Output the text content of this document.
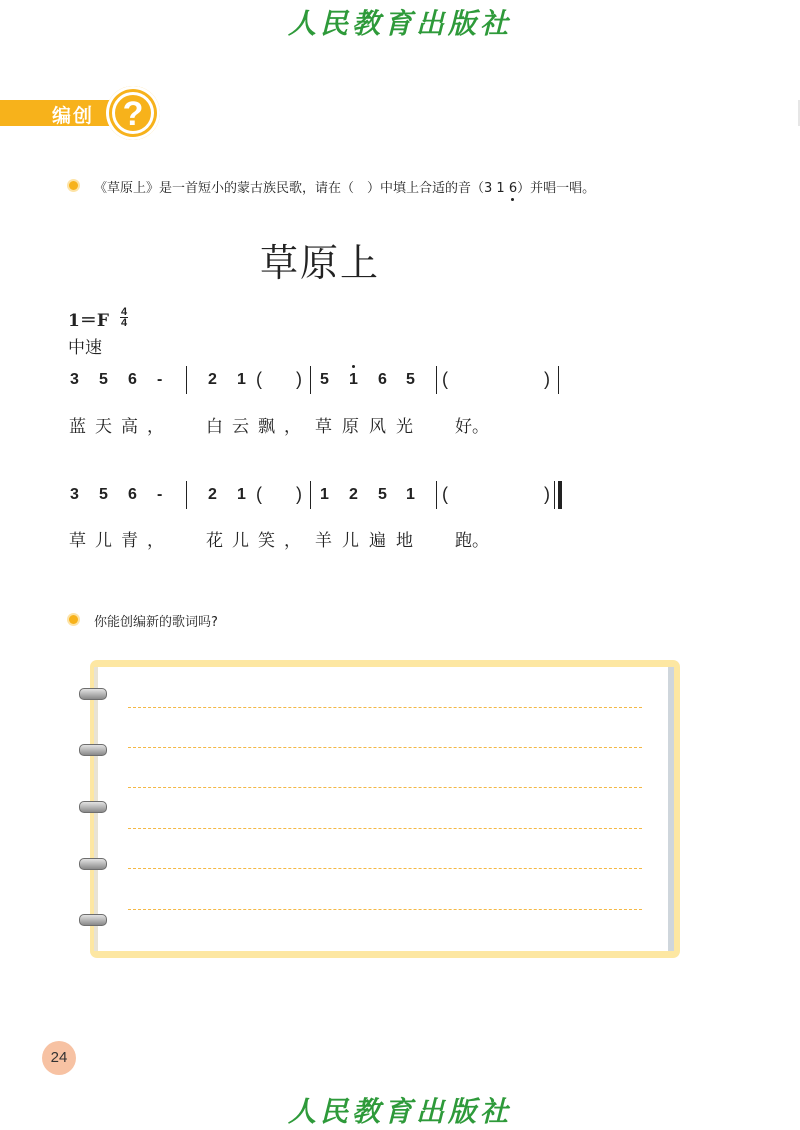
人民教育出版社
编创 ?
《草原上》是一首短小的蒙古族民歌，请在（　）中填上合适的音（3 1 6）并唱一唱。
草原上
1＝F 4
4
中速
3 5 6 -	2 1 ( ) 5 1 6 5 (	)
蓝天高， 白云飘， 草原风光 好。
3 5 6 -	2 1 ( ) 1 2 5 1 (	)
草儿青， 花儿笑， 羊儿遍地 跑。
你能创编新的歌词吗?
24
人民教育出版社
